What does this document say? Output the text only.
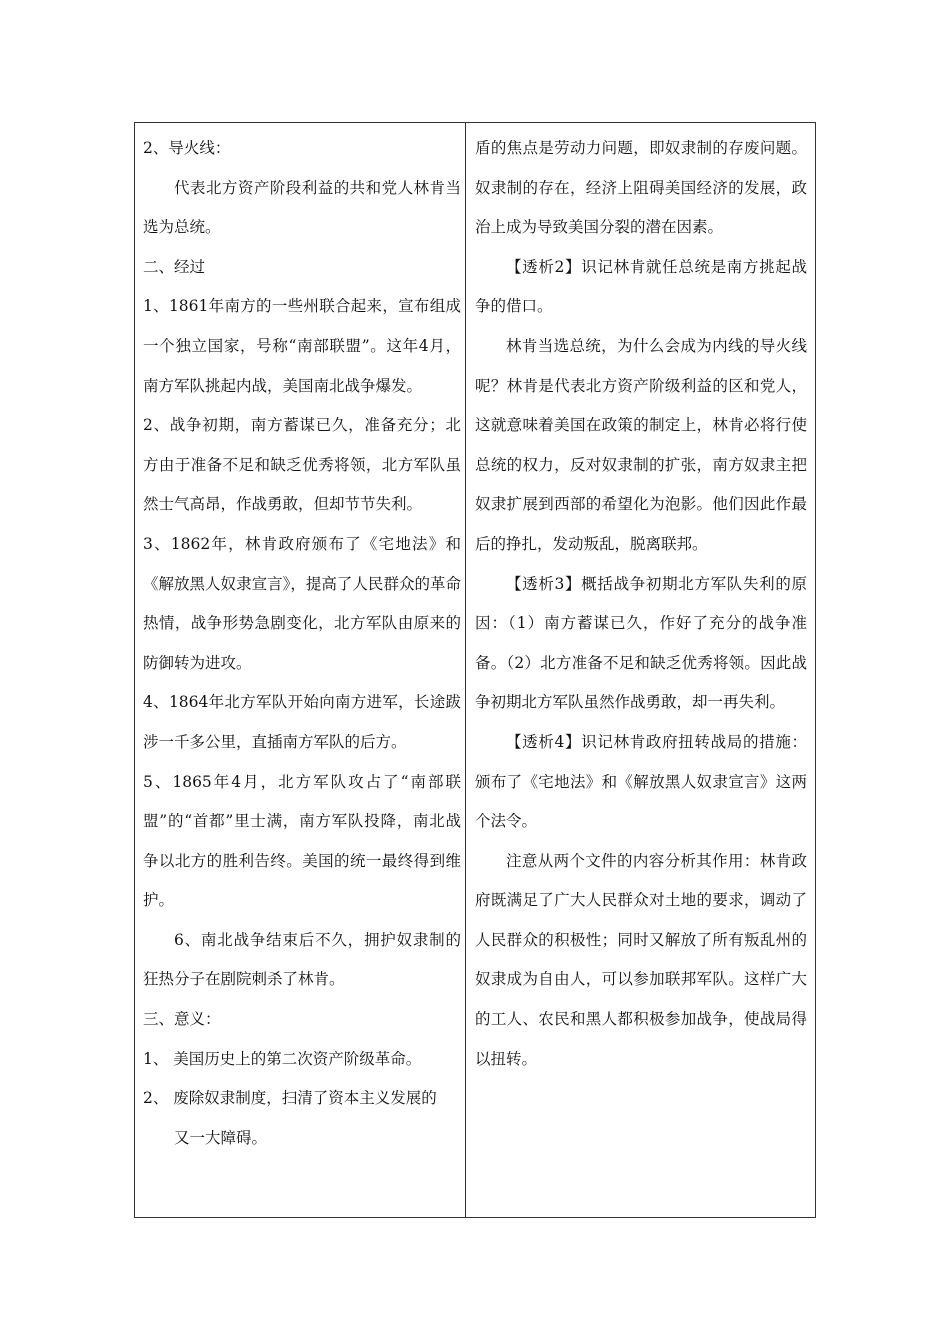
2、导火线：

代表北方资产阶段利益的共和党人林肯当选为总统。

二、经过

1、1861年南方的一些州联合起来，宣布组成一个独立国家，号称“南部联盟”。这年4月，南方军队挑起内战，美国南北战争爆发。

2、战争初期，南方蓄谋已久，准备充分；北方由于准备不足和缺乏优秀将领，北方军队虽然士气高昂，作战勇敢，但却节节失利。

3、1862年，林肯政府颁布了《宅地法》和《解放黑人奴隶宣言》，提高了人民群众的革命热情，战争形势急剧变化，北方军队由原来的防御转为进攻。

4、1864年北方军队开始向南方进军，长途跋涉一千多公里，直插南方军队的后方。

5、1865年4月，北方军队攻占了“南部联盟”的“首都”里士满，南方军队投降，南北战争以北方的胜利告终。美国的统一最终得到维护。

6、南北战争结束后不久，拥护奴隶制的狂热分子在剧院刺杀了林肯。

三、意义：

1、 美国历史上的第二次资产阶级革命。

2、 废除奴隶制度，扫清了资本主义发展的

又一大障碍。

盾的焦点是劳动力问题，即奴隶制的存废问题。奴隶制的存在，经济上阻碍美国经济的发展，政治上成为导致美国分裂的潜在因素。

【透析2】识记林肯就任总统是南方挑起战争的借口。

林肯当选总统，为什么会成为内线的导火线呢？林肯是代表北方资产阶级利益的区和党人，这就意味着美国在政策的制定上，林肯必将行使总统的权力，反对奴隶制的扩张，南方奴隶主把奴隶扩展到西部的希望化为泡影。他们因此作最后的挣扎，发动叛乱，脱离联邦。

【透析3】概括战争初期北方军队失利的原因：（1）南方蓄谋已久，作好了充分的战争准备。（2）北方准备不足和缺乏优秀将领。因此战争初期北方军队虽然作战勇敢，却一再失利。

【透析4】识记林肯政府扭转战局的措施：颁布了《宅地法》和《解放黑人奴隶宣言》这两个法令。

注意从两个文件的内容分析其作用：林肯政府既满足了广大人民群众对土地的要求，调动了人民群众的积极性；同时又解放了所有叛乱州的奴隶成为自由人，可以参加联邦军队。这样广大的工人、农民和黑人都积极参加战争，使战局得以扭转。
